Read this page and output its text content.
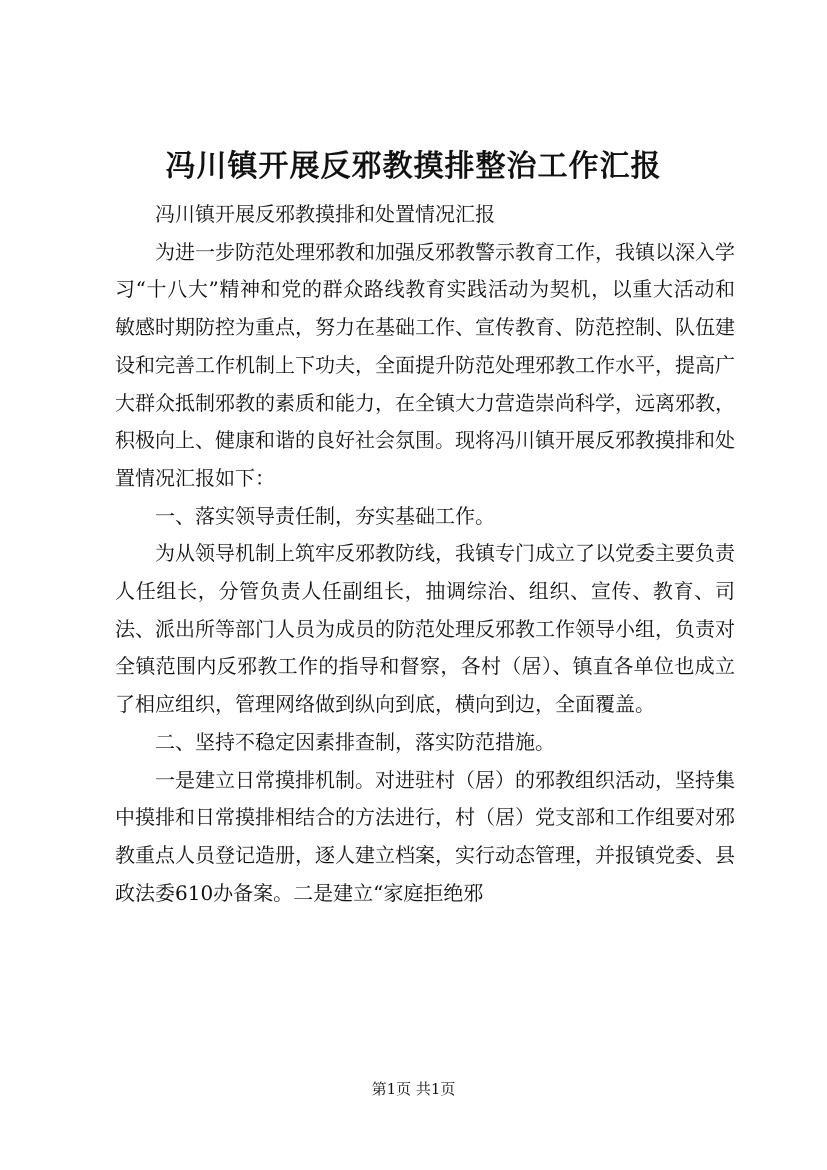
冯川镇开展反邪教摸排整治工作汇报

冯川镇开展反邪教摸排和处置情况汇报

为进一步防范处理邪教和加强反邪教警示教育工作，我镇以深入学习“十八大”精神和党的群众路线教育实践活动为契机，以重大活动和敏感时期防控为重点，努力在基础工作、宣传教育、防范控制、队伍建设和完善工作机制上下功夫，全面提升防范处理邪教工作水平，提高广大群众抵制邪教的素质和能力，在全镇大力营造崇尚科学，远离邪教，积极向上、健康和谐的良好社会氛围。现将冯川镇开展反邪教摸排和处置情况汇报如下：

一、落实领导责任制，夯实基础工作。

为从领导机制上筑牢反邪教防线，我镇专门成立了以党委主要负责人任组长，分管负责人任副组长，抽调综治、组织、宣传、教育、司法、派出所等部门人员为成员的防范处理反邪教工作领导小组，负责对全镇范围内反邪教工作的指导和督察，各村（居）、镇直各单位也成立了相应组织，管理网络做到纵向到底，横向到边，全面覆盖。

二、坚持不稳定因素排查制，落实防范措施。

一是建立日常摸排机制。对进驻村（居）的邪教组织活动，坚持集中摸排和日常摸排相结合的方法进行，村（居）党支部和工作组要对邪教重点人员登记造册，逐人建立档案，实行动态管理，并报镇党委、县政法委610办备案。二是建立“家庭拒绝邪

第1页 共1页
